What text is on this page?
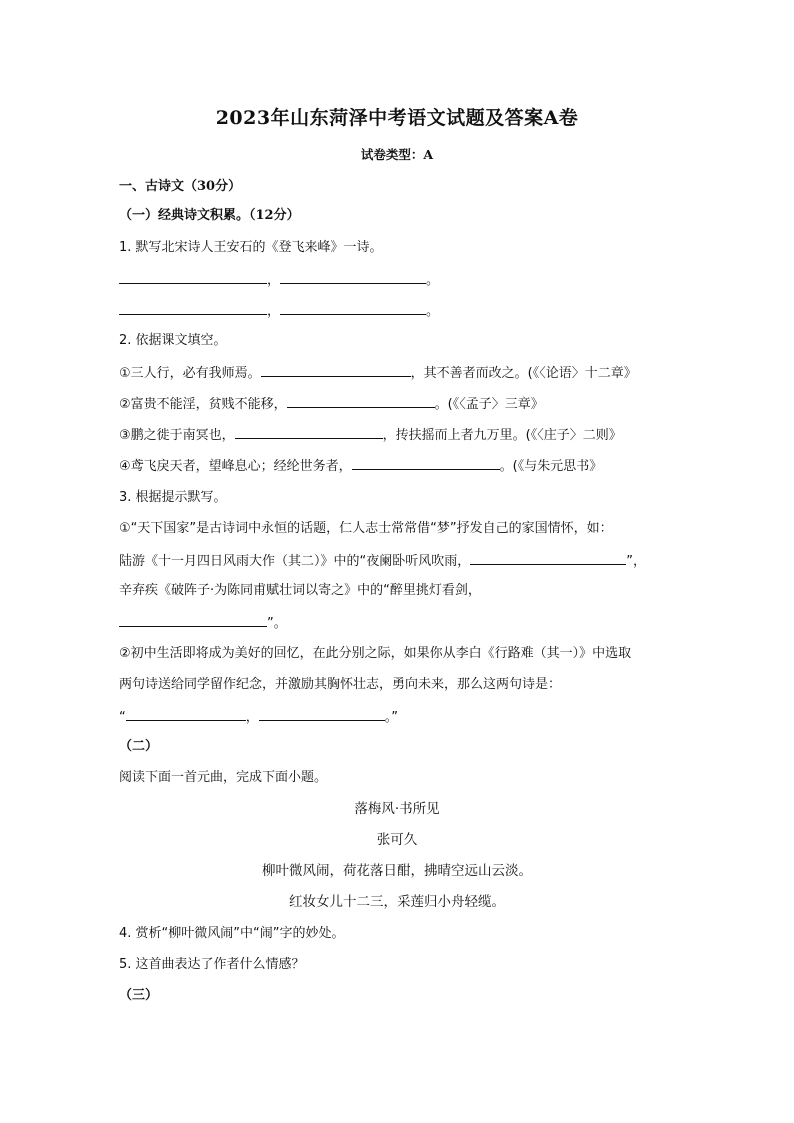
2023年山东菏泽中考语文试题及答案A卷
试卷类型：A
一、古诗文（30分）
（一）经典诗文积累。（12分）
1. 默写北宋诗人王安石的《登飞来峰》一诗。
，	。
，	。
2. 依据课文填空。
①三人行，必有我师焉。	，其不善者而改之。(《〈论语〉十二章》
②富贵不能淫，贫贱不能移，	。(《〈孟子〉三章》
③鹏之徙于南冥也，	，抟扶摇而上者九万里。(《〈庄子〉二则》
④鸢飞戾天者，望峰息心；经纶世务者，	。(《与朱元思书》
3. 根据提示默写。
①“天下国家”是古诗词中永恒的话题，仁人志士常常借“梦”抒发自己的家国情怀，如：
陆游《十一月四日风雨大作（其二）》中的“夜阑卧听风吹雨，	”，
辛弃疾《破阵子·为陈同甫赋壮词以寄之》中的“醉里挑灯看剑，
”。
②初中生活即将成为美好的回忆，在此分别之际，如果你从李白《行路难（其一）》中选取
两句诗送给同学留作纪念，并激励其胸怀壮志，勇向未来，那么这两句诗是：
“	，	。”
（二）
阅读下面一首元曲，完成下面小题。
落梅风·书所见
张可久
柳叶微风闹，荷花落日酣，拂晴空远山云淡。
红妆女儿十二三，采莲归小舟轻缆。
4. 赏析“柳叶微风闹”中“闹”字的妙处。
5. 这首曲表达了作者什么情感？
（三）
